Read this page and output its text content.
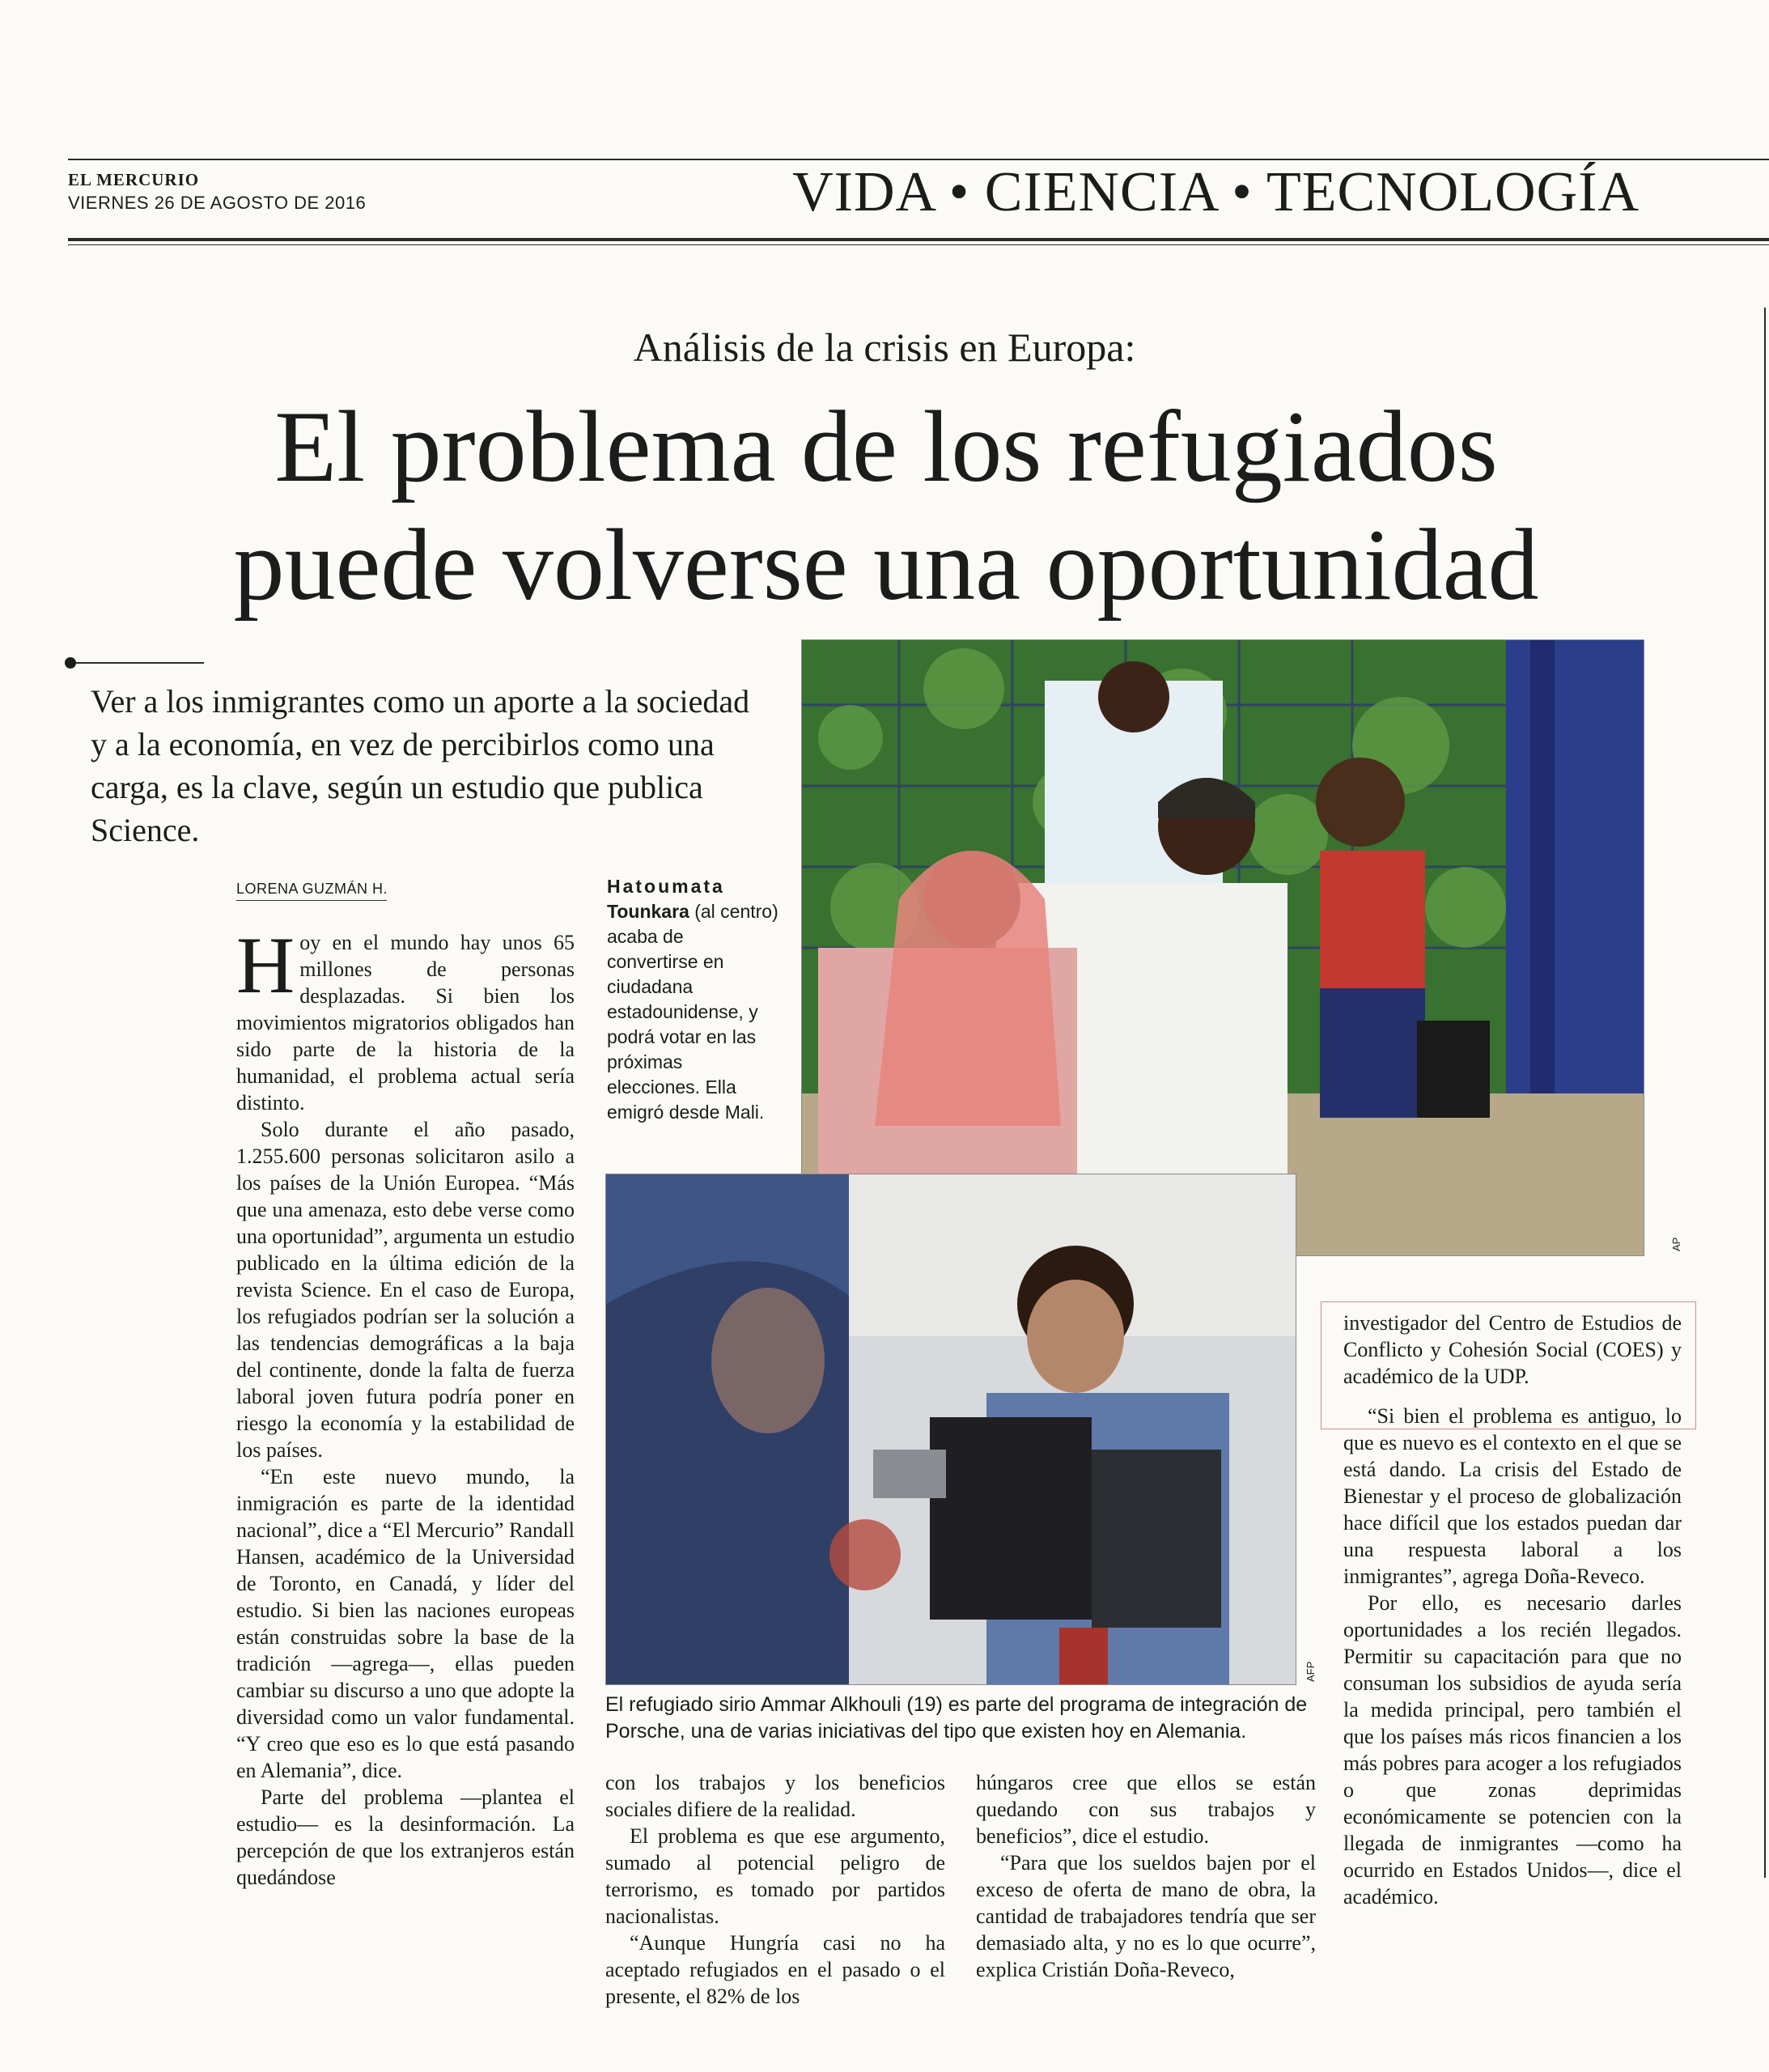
EL MERCURIO
VIERNES 26 DE AGOSTO DE 2016	VIDA • CIENCIA • TECNOLOGÍA
Análisis de la crisis en Europa:
El problema de los refugiados
puede volverse una oportunidad
Ver a los inmigrantes como un aporte a la sociedad y a la economía, en vez de percibirlos como una carga, es la clave, según un estudio que publica Science.
LORENA GUZMÁN H.

Hoy en el mundo hay unos 65 millones de personas desplazadas. Si bien los movimientos migratorios obligados han sido parte de la historia de la humanidad, el problema actual sería distinto.

Solo durante el año pasado, 1.255.600 personas solicitaron asilo a los países de la Unión Europea. “Más que una amenaza, esto debe verse como una oportunidad”, argumenta un estudio publicado en la última edición de la revista Science. En el caso de Europa, los refugiados podrían ser la solución a las tendencias demográficas a la baja del continente, donde la falta de fuerza laboral joven futura podría poner en riesgo la economía y la estabilidad de los países.

“En este nuevo mundo, la inmigración es parte de la identidad nacional”, dice a “El Mercurio” Randall Hansen, académico de la Universidad de Toronto, en Canadá, y líder del estudio. Si bien las naciones europeas están construidas sobre la base de la tradición —agrega—, ellas pueden cambiar su discurso a uno que adopte la diversidad como un valor fundamental. “Y creo que eso es lo que está pasando en Alemania”, dice.

Parte del problema —plantea el estudio— es la desinformación. La percepción de que los extranjeros están quedándose

Hatoumata
Tounkara (al centro) acaba de convertirse en ciudadana estadounidense, y podrá votar en las próximas elecciones. Ella emigró desde Mali.
AP
AFP
El refugiado sirio Ammar Alkhouli (19) es parte del programa de integración de Porsche, una de varias iniciativas del tipo que existen hoy en Alemania.

con los trabajos y los beneficios sociales difiere de la realidad.

El problema es que ese argumento, sumado al potencial peligro de terrorismo, es tomado por partidos nacionalistas.

“Aunque Hungría casi no ha aceptado refugiados en el pasado o el presente, el 82% de los

húngaros cree que ellos se están quedando con sus trabajos y beneficios”, dice el estudio.

“Para que los sueldos bajen por el exceso de oferta de mano de obra, la cantidad de trabajadores tendría que ser demasiado alta, y no es lo que ocurre”, explica Cristián Doña-Reveco,

investigador del Centro de Estudios de Conflicto y Cohesión Social (COES) y académico de la UDP.

“Si bien el problema es antiguo, lo que es nuevo es el contexto en el que se está dando. La crisis del Estado de Bienestar y el proceso de globalización hace difícil que los estados puedan dar una respuesta laboral a los inmigrantes”, agrega Doña-Reveco.

Por ello, es necesario darles oportunidades a los recién llegados. Permitir su capacitación para que no consuman los subsidios de ayuda sería la medida principal, pero también el que los países más ricos financien a los más pobres para acoger a los refugiados o que zonas deprimidas económicamente se potencien con la llegada de inmigrantes —como ha ocurrido en Estados Unidos—, dice el académico.
